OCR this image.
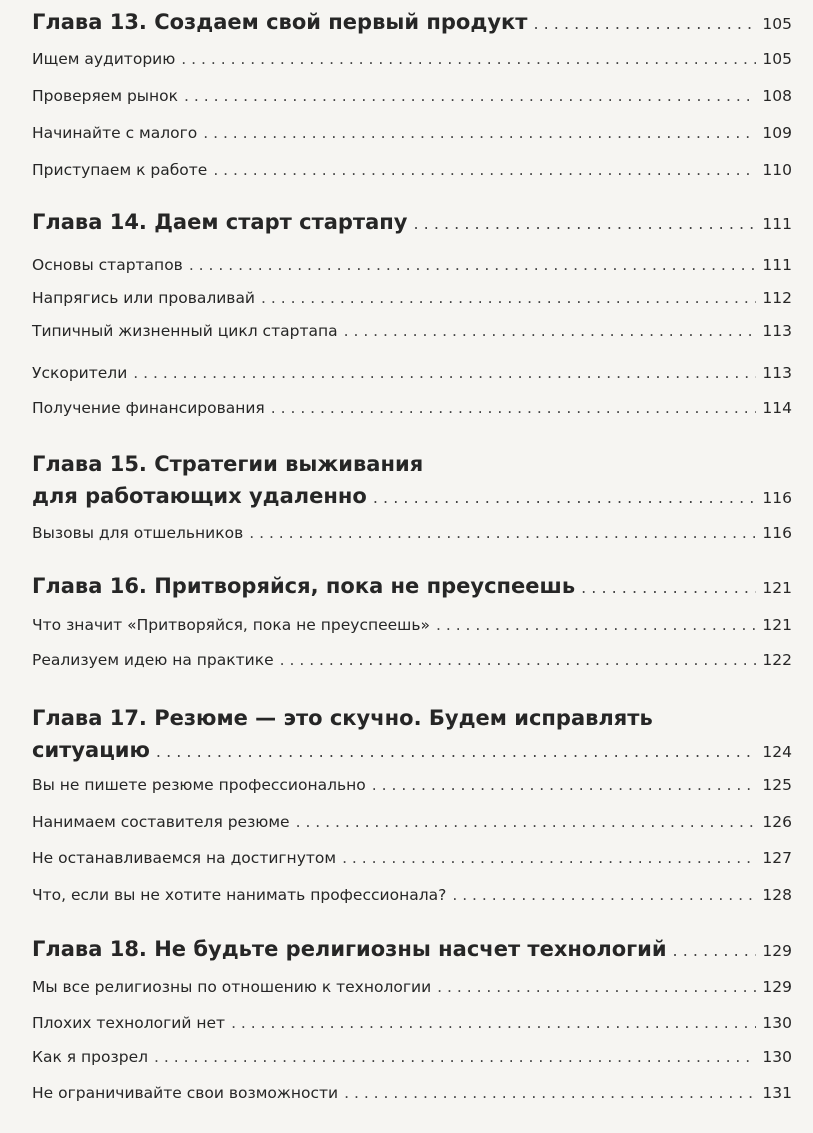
Глава 13. Создаем свой первый продукт . . .	105
Ищем аудиторию . . .	105
Проверяем рынок . . .	108
Начинайте с малого . . .	109
Приступаем к работе . . .	110
Глава 14. Даем старт стартапу . . .	111
Основы стартапов . . .	111
Напрягись или проваливай . . .	112
Типичный жизненный цикл стартапа . . .	113
Ускорители . . .	113
Получение финансирования . . .	114
Глава 15. Стратегии выживания
для работающих удаленно . . .	116
Вызовы для отшельников . . .	116
Глава 16. Притворяйся, пока не преуспеешь . . .	121
Что значит «Притворяйся, пока не преуспеешь» . . .	121
Реализуем идею на практике . . .	122
Глава 17. Резюме — это скучно. Будем исправлять
ситуацию . . .	124
Вы не пишете резюме профессионально . . .	125
Нанимаем составителя резюме . . .	126
Не останавливаемся на достигнутом . . .	127
Что, если вы не хотите нанимать профессионала? . . .	128
Глава 18. Не будьте религиозны насчет технологий . . .	129
Мы все религиозны по отношению к технологии . . .	129
Плохих технологий нет . . .	130
Как я прозрел . . .	130
Не ограничивайте свои возможности . . .	131
